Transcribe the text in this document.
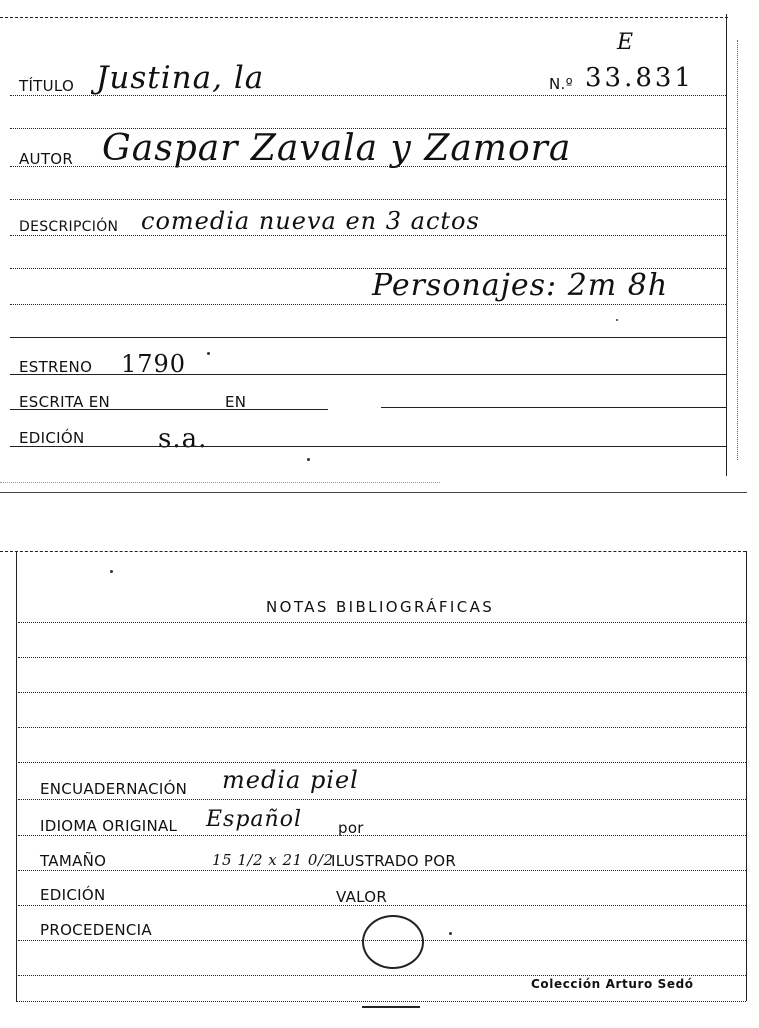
TÍTULO Justina, la	N.º 33.831
E
AUTOR Gaspar Zavala y Zamora
DESCRIPCIÓN comedia nueva en 3 actos
Personajes: 2m 8h
ESTRENO 1790
ESCRITA EN	EN
EDICIÓN	s.a.
NOTAS BIBLIOGRÁFICAS
ENCUADERNACIÓN media piel
IDIOMA ORIGINAL Español por
TAMAÑO	15 1/2 x 21 0/2
ILUSTRADO POR
EDICIÓN	VALOR
PROCEDENCIA
Colección Arturo Sedó
